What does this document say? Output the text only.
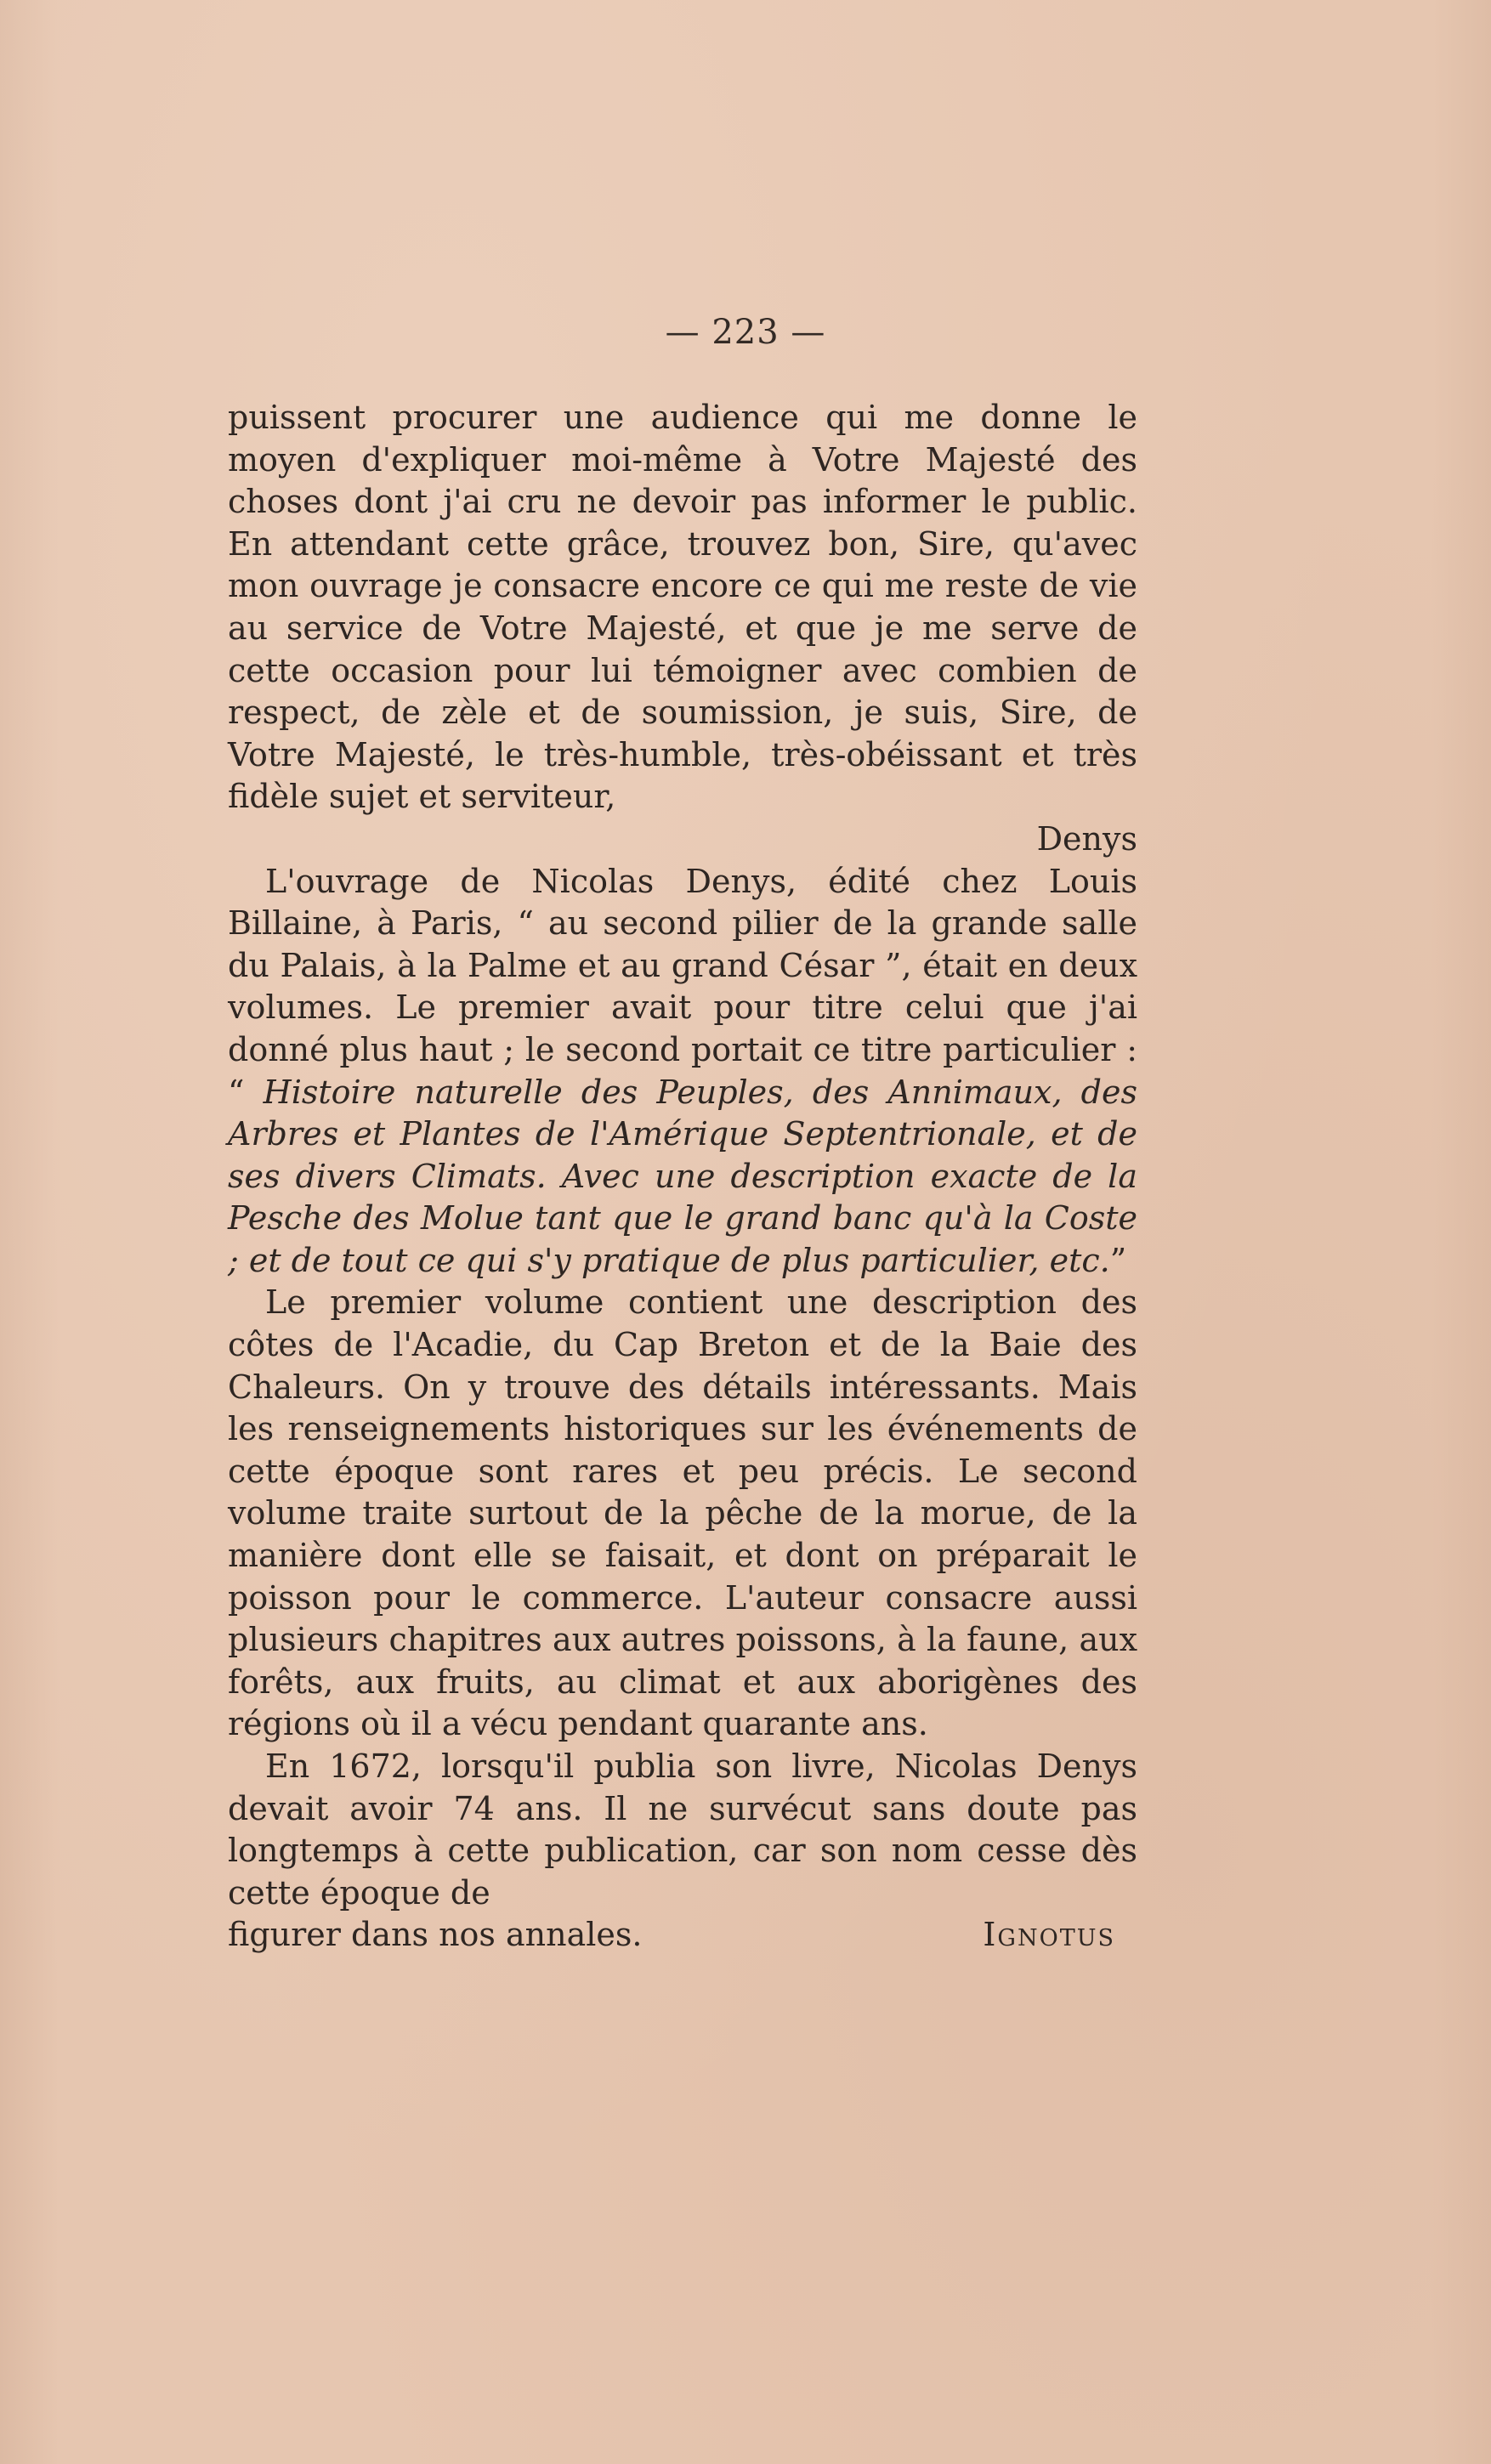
— 223 —

puissent procurer une audience qui me donne le moyen d'expliquer moi-même à Votre Majesté des choses dont j'ai cru ne devoir pas informer le public. En attendant cette grâce, trouvez bon, Sire, qu'avec mon ouvrage je consacre encore ce qui me reste de vie au service de Votre Majesté, et que je me serve de cette occasion pour lui témoigner avec combien de respect, de zèle et de soumission, je suis, Sire, de Votre Majesté, le très-humble, très-obéissant et très fidèle sujet et serviteur,

Denys

L'ouvrage de Nicolas Denys, édité chez Louis Billaine, à Paris, “ au second pilier de la grande salle du Palais, à la Palme et au grand César ”, était en deux volumes. Le premier avait pour titre celui que j'ai donné plus haut ; le second portait ce titre particulier : “ Histoire naturelle des Peuples, des Annimaux, des Arbres et Plantes de l'Amérique Septentrionale, et de ses divers Climats. Avec une description exacte de la Pesche des Molue tant que le grand banc qu'à la Coste ; et de tout ce qui s'y pratique de plus particulier, etc.”

Le premier volume contient une description des côtes de l'Acadie, du Cap Breton et de la Baie des Chaleurs. On y trouve des détails intéressants. Mais les renseignements historiques sur les événements de cette époque sont rares et peu précis. Le second volume traite surtout de la pêche de la morue, de la manière dont elle se faisait, et dont on préparait le poisson pour le commerce. L'auteur consacre aussi plusieurs chapitres aux autres poissons, à la faune, aux forêts, aux fruits, au climat et aux aborigènes des régions où il a vécu pendant quarante ans.

En 1672, lorsqu'il publia son livre, Nicolas Denys devait avoir 74 ans. Il ne survécut sans doute pas longtemps à cette publication, car son nom cesse dès cette époque de

figurer dans nos annales.	Ignotus
